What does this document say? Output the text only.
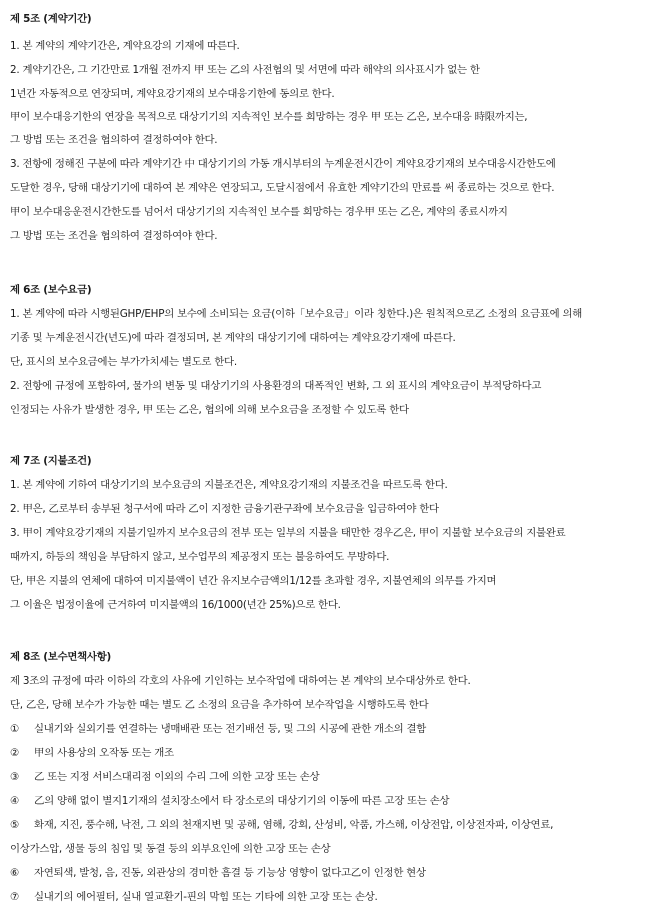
제 5조 (계약기간)
1. 본 계약의 계약기간은, 계약요강의 기재에 따른다.
2. 계약기간은, 그 기간만료 1개월 전까지 甲 또는 乙의 사전협의 및 서면에 따라 해약의 의사표시가 없는 한
1년간 자동적으로 연장되며, 계약요강기재의 보수대응기한에 동의로 한다.
甲이 보수대응기한의 연장을 목적으로 대상기기의 지속적인 보수를 희망하는 경우 甲 또는 乙은, 보수대응 時限까지는,
그 방법 또는 조건을 협의하여 결정하여야 한다.
3. 전항에 정해진 구분에 따라 계약기간 中 대상기기의 가동 개시부터의 누계운전시간이 계약요강기재의 보수대응시간한도에
도달한 경우, 당해 대상기기에 대하여 본 계약은 연장되고, 도달시점에서 유효한 계약기간의 만료를 써 종료하는 것으로 한다.
甲이 보수대응운전시간한도를 넘어서 대상기기의 지속적인 보수를 희망하는 경우甲 또는 乙은, 계약의 종료시까지
그 방법 또는 조건을 협의하여 결정하여야 한다.
제 6조 (보수요금)
1. 본 계약에 따라 시행된GHP/EHP의 보수에 소비되는 요금(이하「보수요금」이라 칭한다.)은 원칙적으로乙 소정의 요금표에 의해
기종 및 누계운전시간(년도)에 따라 결정되며, 본 계약의 대상기기에 대하여는 계약요강기재에 따른다.
단, 표시의 보수요금에는 부가가치세는 별도로 한다.
2. 전항에 규정에 포함하여, 물가의 변동 및 대상기기의 사용환경의 대폭적인 변화, 그 외 표시의 계약요금이 부적당하다고
인정되는 사유가 발생한 경우, 甲 또는 乙은, 협의에 의해 보수요금을 조정할 수 있도록 한다
제 7조 (지불조건)
1. 본 계약에 기하여 대상기기의 보수요금의 지불조건은, 계약요강기재의 지불조건을 따르도록 한다.
2. 甲은, 乙로부터 송부된 청구서에 따라 乙이 지정한 금융기관구좌에 보수요금을 입금하여야 한다
3. 甲이 계약요강기재의 지불기일까지 보수요금의 전부 또는 일부의 지불을 태만한 경우乙은, 甲이 지불할 보수요금의 지불완료
때까지, 하등의 책임을 부담하지 않고, 보수업무의 제공정지 또는 불응하여도 무방하다.
단, 甲은 지불의 연체에 대하여 미지불액이 년간 유지보수금액의1/12를 초과할 경우, 지불연체의 의무를 가지며
그 이율은 법정이율에 근거하여 미지불액의 16/1000(년간 25%)으로 한다.
제 8조 (보수면책사항)
제 3조의 규정에 따라 이하의 각호의 사유에 기인하는 보수작업에 대하여는 본 계약의 보수대상外로 한다.
단, 乙은, 당해 보수가 가능한 때는 별도 乙 소정의 요금을 추가하여 보수작업을 시행하도록 한다
① 실내기와 실외기를 연결하는 냉매배관 또는 전기배선 등, 및 그의 시공에 관한 개소의 결함
② 甲의 사용상의 오작동 또는 개조
③ 乙 또는 지정 서비스대리점 이외의 수리 그에 의한 고장 또는 손상
④ 乙의 양해 없이 별지1기재의 설치장소에서 타 장소로의 대상기기의 이동에 따른 고장 또는 손상
⑤ 화재, 지진, 풍수해, 낙전, 그 외의 천재지변 및 공해, 염해, 강회, 산성비, 악품, 가스해, 이상전압, 이상전자파, 이상연료,
이상가스압, 생물 등의 침입 및 동결 등의 외부요인에 의한 고장 또는 손상
⑥ 자연퇴색, 발청, 음, 진동, 외관상의 경미한 흠결 등 기능상 영향이 없다고乙이 인정한 현상
⑦ 실내기의 에어필터, 실내 열교환기-핀의 막힘 또는 기타에 의한 고장 또는 손상.
